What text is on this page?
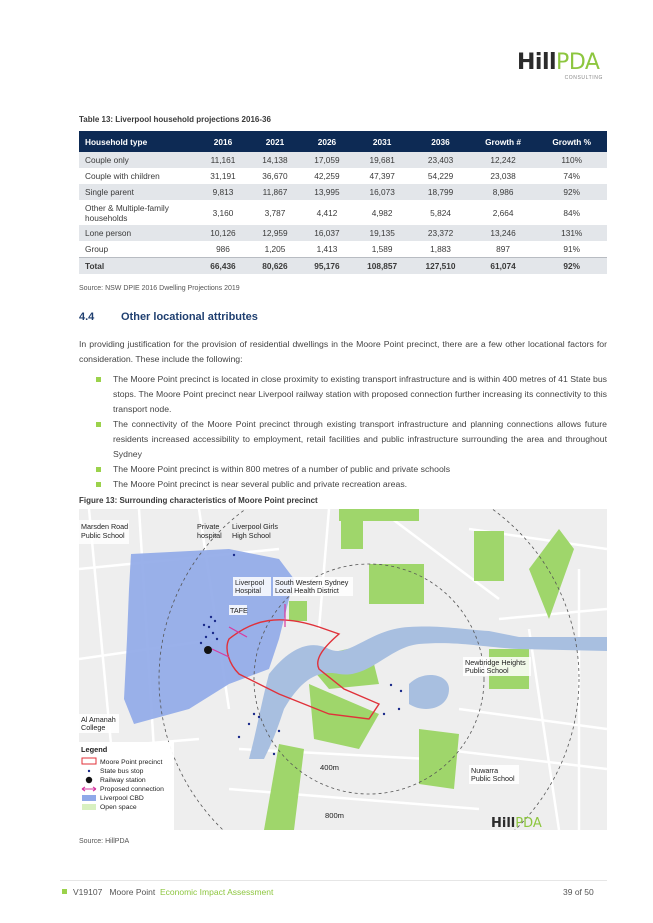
HillPDA
CONSULTING
Table 13: Liverpool household projections 2016-36
Household type	2016	2021	2026	2031	2036	Growth #	Growth %
Couple only	11,161	14,138	17,059	19,681	23,403	12,242	110%
Couple with children	31,191	36,670	42,259	47,397	54,229	23,038	74%
Single parent	9,813	11,867	13,995	16,073	18,799	8,986	92%
Other & Multiple-family households	3,160	3,787	4,412	4,982	5,824	2,664	84%
Lone person	10,126	12,959	16,037	19,135	23,372	13,246	131%
Group	986	1,205	1,413	1,589	1,883	897	91%
Total	66,436	80,626	95,176	108,857	127,510	61,074	92%
Source: NSW DPIE 2016 Dwelling Projections 2019
4.4 Other locational attributes
In providing justification for the provision of residential dwellings in the Moore Point precinct, there are a few other locational factors for consideration. These include the following:
The Moore Point precinct is located in close proximity to existing transport infrastructure and is within 400 metres of 41 State bus stops. The Moore Point precinct near Liverpool railway station with proposed connection further increasing its connectivity to this transport node.
The connectivity of the Moore Point precinct through existing transport infrastructure and planning connections allows future residents increased accessibility to employment, retail facilities and public infrastructure surrounding the area and throughout Sydney
The Moore Point precinct is within 800 metres of a number of public and private schools
The Moore Point precinct is near several public and private recreation areas.
Figure 13: Surrounding characteristics of Moore Point precinct
Marsden Road Public School
Private hospital
Liverpool Girls High School
Liverpool Hospital
South Western Sydney Local Health District
TAFE
Newbridge Heights Public School
Al Amanah College
Nuwarra Public School
400m
800m
Legend
Moore Point precinct
State bus stop
Railway station
Proposed connection
Liverpool CBD
Open space
HillPDA
Source: HillPDA
V19107 Moore Point Economic Impact Assessment	39 of 50
